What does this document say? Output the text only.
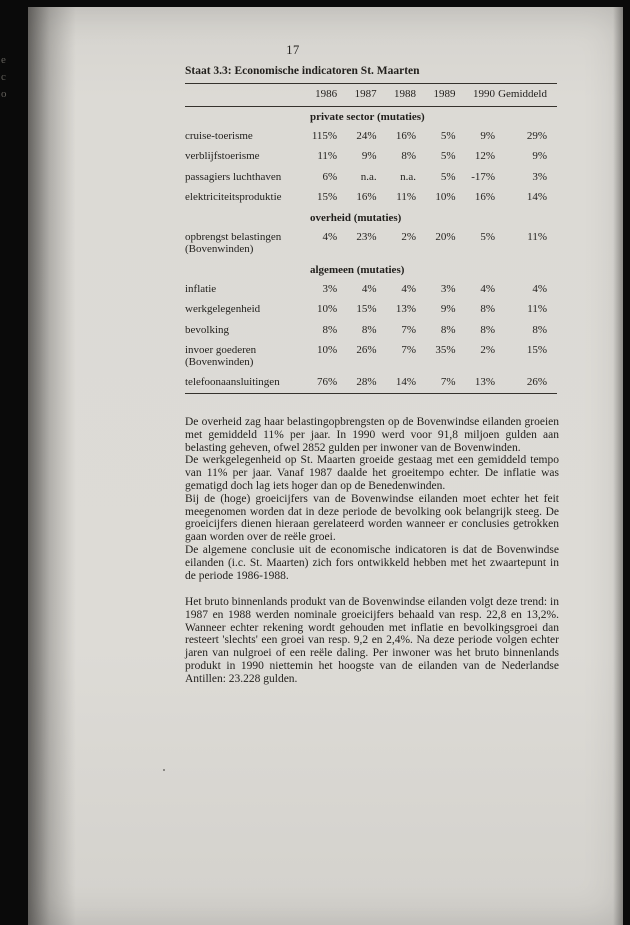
e
c
o
17
Staat 3.3: Economische indicatoren St. Maarten
	1986	1987	1988	1989	1990	Gemiddeld
private sector (mutaties)						
cruise-toerisme	115%	24%	16%	5%	9%	29%
verblijfstoerisme	11%	9%	8%	5%	12%	9%
passagiers luchthaven	6%	n.a.	n.a.	5%	-17%	3%
elektriciteitsproduktie	15%	16%	11%	10%	16%	14%
overheid (mutaties)						
opbrengst belastingen (Bovenwinden)	4%	23%	2%	20%	5%	11%
algemeen (mutaties)						
inflatie	3%	4%	4%	3%	4%	4%
werkgelegenheid	10%	15%	13%	9%	8%	11%
bevolking	8%	8%	7%	8%	8%	8%
invoer goederen (Bovenwinden)	10%	26%	7%	35%	2%	15%
telefoonaansluitingen	76%	28%	14%	7%	13%	26%

De overheid zag haar belastingopbrengsten op de Bovenwindse eilanden groeien met gemiddeld 11% per jaar. In 1990 werd voor 91,8 miljoen gulden aan belasting geheven, ofwel 2852 gulden per inwoner van de Bovenwinden.

De werkgelegenheid op St. Maarten groeide gestaag met een gemiddeld tempo van 11% per jaar. Vanaf 1987 daalde het groeitempo echter. De inflatie was gematigd doch lag iets hoger dan op de Benedenwinden.

Bij de (hoge) groeicijfers van de Bovenwindse eilanden moet echter het feit meegenomen worden dat in deze periode de bevolking ook belangrijk steeg. De groeicijfers dienen hieraan gerelateerd worden wanneer er conclusies getrokken gaan worden over de reële groei.

De algemene conclusie uit de economische indicatoren is dat de Bovenwindse eilanden (i.c. St. Maarten) zich fors ontwikkeld hebben met het zwaartepunt in de periode 1986-1988.

Het bruto binnenlands produkt van de Bovenwindse eilanden volgt deze trend: in 1987 en 1988 werden nominale groeicijfers behaald van resp. 22,8 en 13,2%. Wanneer echter rekening wordt gehouden met inflatie en bevolkingsgroei dan resteert 'slechts' een groei van resp. 9,2 en 2,4%. Na deze periode volgen echter jaren van nulgroei of een reële daling. Per inwoner was het bruto binnenlands produkt in 1990 niettemin het hoogste van de eilanden van de Nederlandse Antillen: 23.228 gulden.
